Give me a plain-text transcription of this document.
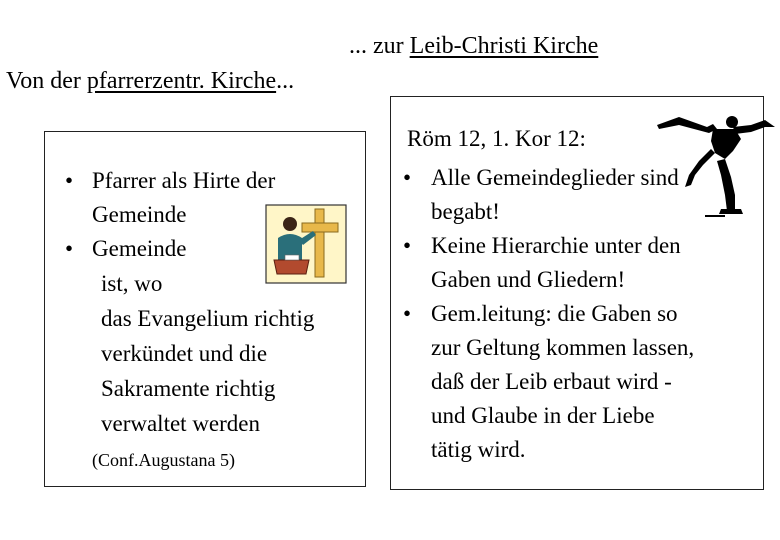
... zur Leib-Christi Kirche
Von der pfarrerzentr. Kirche...
• Pfarrer als Hirte der
Gemeinde
• Gemeinde
ist, wo
das Evangelium richtig
verkündet und die
Sakramente richtig
verwaltet werden
(Conf.Augustana 5)
Röm 12, 1. Kor 12:
• Alle Gemeindeglieder sind
begabt!
• Keine Hierarchie unter den
Gaben und Gliedern!
• Gem.leitung: die Gaben so
zur Geltung kommen lassen,
daß der Leib erbaut wird -
und Glaube in der Liebe
tätig wird.
